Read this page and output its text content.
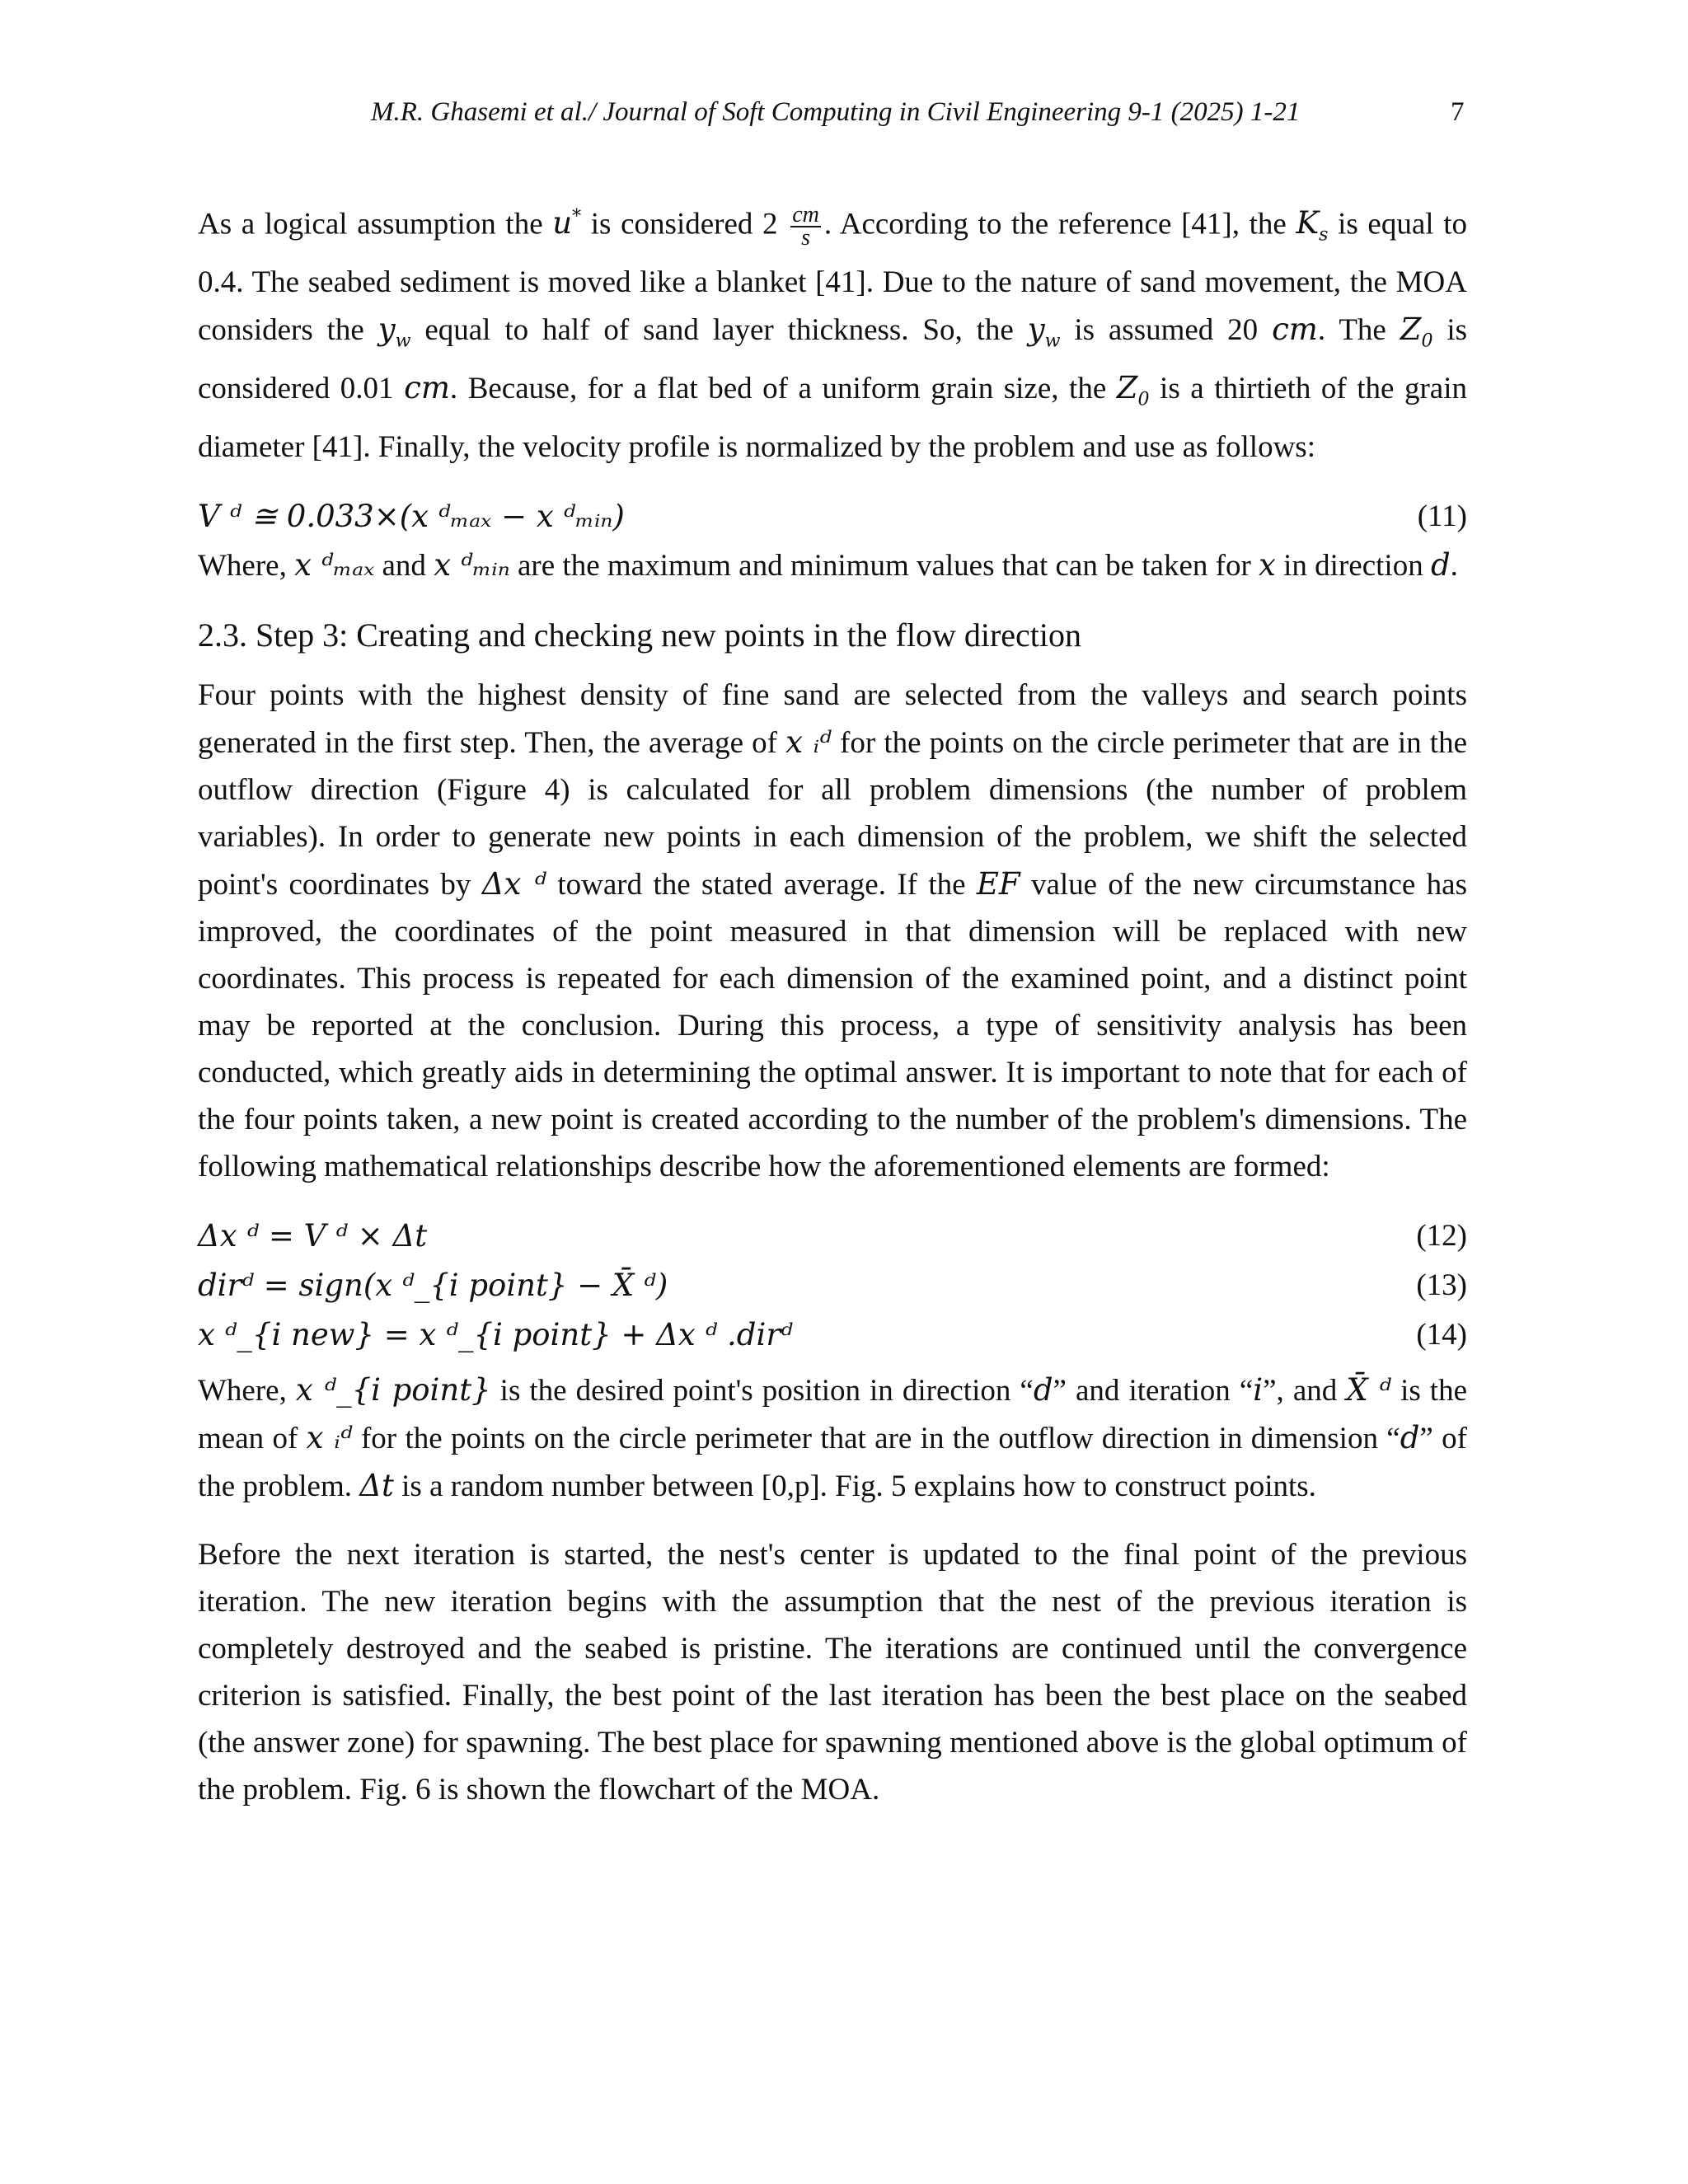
M.R. Ghasemi et al./ Journal of Soft Computing in Civil Engineering 9-1 (2025) 1-21	7

As a logical assumption the u* is considered $2 \frac{cm}{s}$ . According to the reference [41], the $K_s$ is equal to 0.4. The seabed sediment is moved like a blanket [41]. Due to the nature of sand movement, the MOA considers the $y_w$ equal to half of sand layer thickness. So, the $y_w$ is assumed 20 cm. The $Z_0$ is considered 0.01 cm. Because, for a flat bed of a uniform grain size, the $Z_0$ is a thirtieth of the grain diameter [41]. Finally, the velocity profile is normalized by the problem and use as follows:

V ᵈ ≅ 0.033×(x ᵈₘₐₓ − x ᵈₘᵢₙ)	(11)

Where, x ᵈₘₐₓ and x ᵈₘᵢₙ are the maximum and minimum values that can be taken for x in direction d.

2.3. Step 3: Creating and checking new points in the flow direction

Four points with the highest density of fine sand are selected from the valleys and search points generated in the first step. Then, the average of x ᵢᵈ for the points on the circle perimeter that are in the outflow direction (Figure 4) is calculated for all problem dimensions (the number of problem variables). In order to generate new points in each dimension of the problem, we shift the selected point's coordinates by Δx ᵈ toward the stated average. If the EF value of the new circumstance has improved, the coordinates of the point measured in that dimension will be replaced with new coordinates. This process is repeated for each dimension of the examined point, and a distinct point may be reported at the conclusion. During this process, a type of sensitivity analysis has been conducted, which greatly aids in determining the optimal answer. It is important to note that for each of the four points taken, a new point is created according to the number of the problem's dimensions. The following mathematical relationships describe how the aforementioned elements are formed:

Δx ᵈ = V ᵈ × Δt	(12)
dirᵈ = sign(x ᵈ_{i point} − X̄ ᵈ)	(13)
x ᵈ_{i new} = x ᵈ_{i point} + Δx ᵈ .dirᵈ	(14)

Where, x ᵈ_{i point} is the desired point's position in direction “d” and iteration “i”, and X̄ ᵈ is the mean of x ᵢᵈ for the points on the circle perimeter that are in the outflow direction in dimension “d” of the problem. Δt is a random number between [0,p]. Fig. 5 explains how to construct points.

Before the next iteration is started, the nest's center is updated to the final point of the previous iteration. The new iteration begins with the assumption that the nest of the previous iteration is completely destroyed and the seabed is pristine. The iterations are continued until the convergence criterion is satisfied. Finally, the best point of the last iteration has been the best place on the seabed (the answer zone) for spawning. The best place for spawning mentioned above is the global optimum of the problem. Fig. 6 is shown the flowchart of the MOA.
